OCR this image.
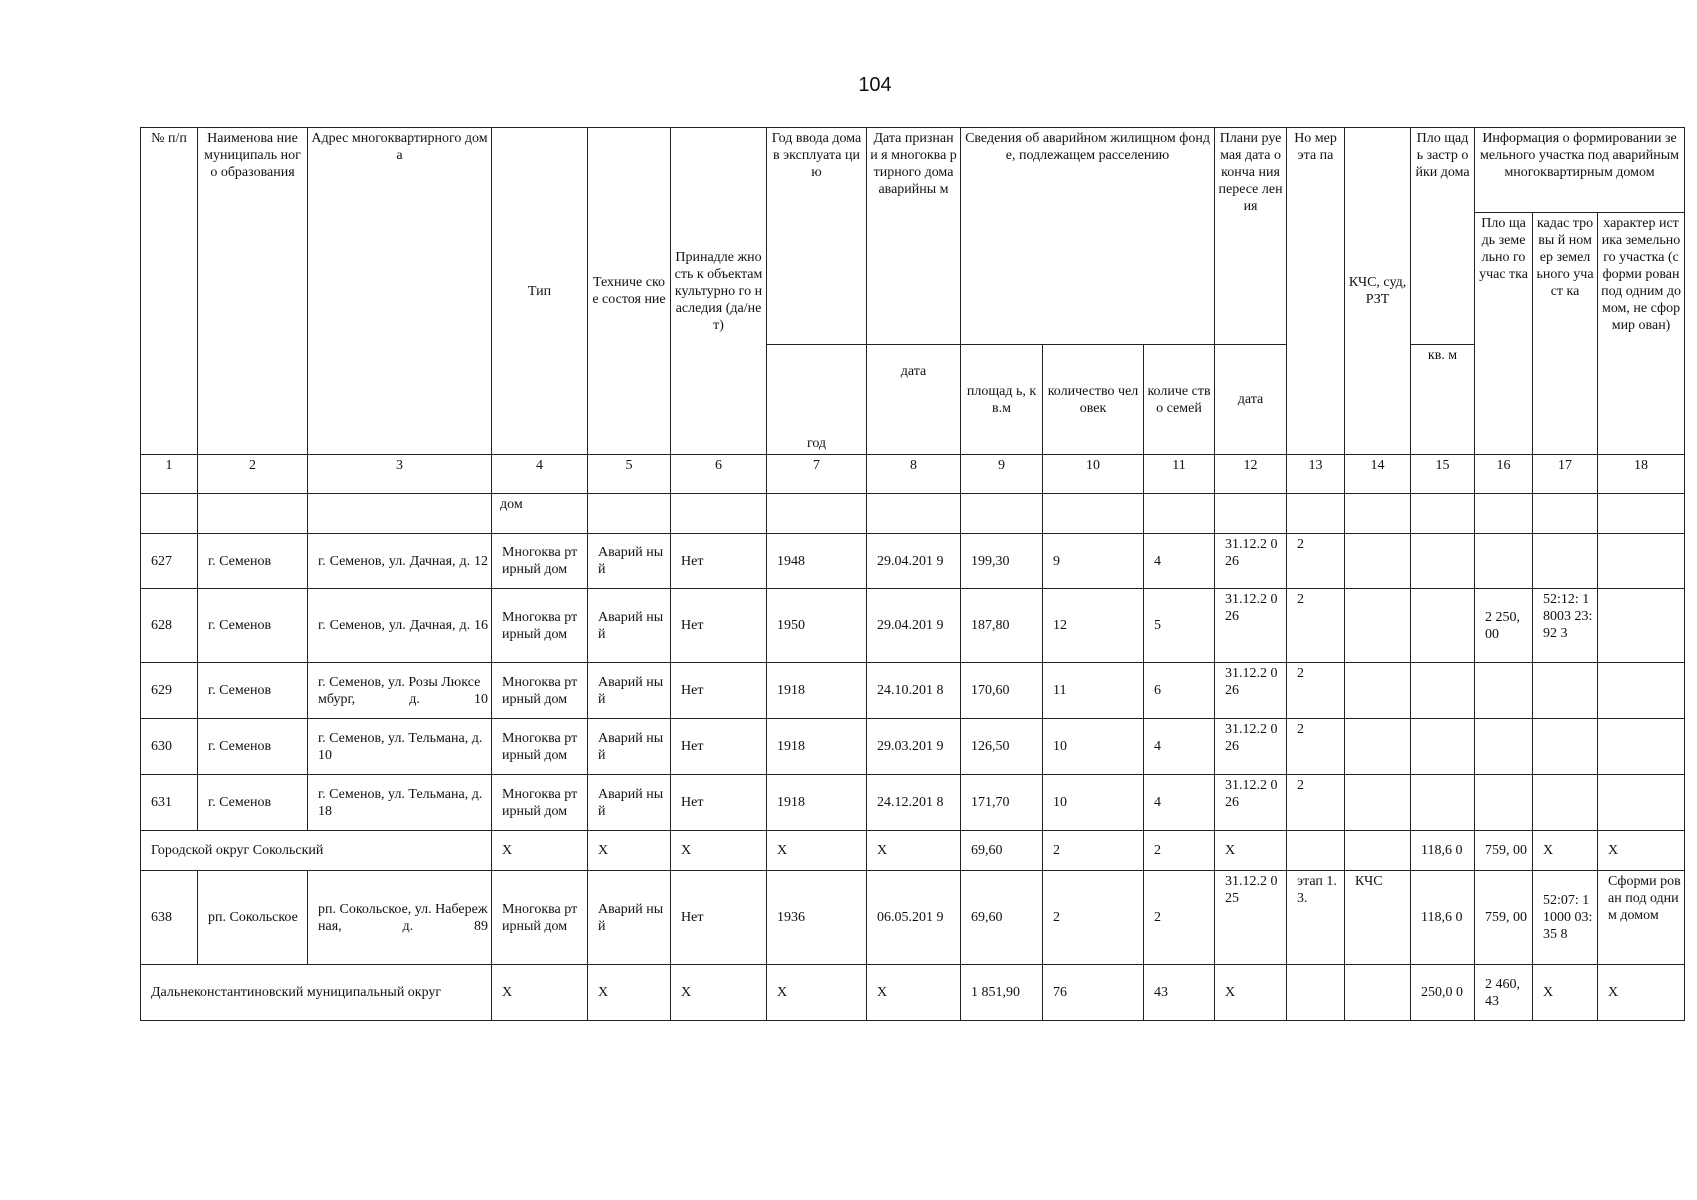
104
№ п/п	Наименова ние муниципаль ного образования	Адрес многоквартирного дома	Тип	Техниче ское состоя ние	Принадле жность к объектам культурно го наследия (да/нет)	Год ввода дома в эксплуата цию	Дата признани я многоква ртирного дома аварийны м	Сведения об аварийном жилищном фонде, подлежащем расселению			Плани руемая дата оконча ния пересе ления	Но мер эта па	КЧС, суд, РЗТ	Пло щадь застр ойки дома	Информация о формировании земельного участка под аварийным многоквартирным домом		
															Пло щадь земе льно го учас тка	кадас тровы й номер земел ьного участ ка	характер истика земельно го участка (сформи рован под одним домом, не сформир ован)
						год	дата	площад ь, кв.м	количество человек	количе ство семей	дата			кв. м			
1	2	3	4	5	6	7	8	9	10	11	12	13	14	15	16	17	18
			дом														
627	г. Семенов	г. Семенов, ул. Дачная, д. 12	Многоква ртирный дом	Аварий ный	Нет	1948	29.04.201 9	199,30	9	4	31.12.2 026	2					
628	г. Семенов	г. Семенов, ул. Дачная, д. 16	Многоква ртирный дом	Аварий ный	Нет	1950	29.04.201 9	187,80	12	5	31.12.2 026	2			2 250, 00	52:12: 18003 23:92 3	
629	г. Семенов	г. Семенов, ул. Розы Люксембург, д. 10	Многоква ртирный дом	Аварий ный	Нет	1918	24.10.201 8	170,60	11	6	31.12.2 026	2					
630	г. Семенов	г. Семенов, ул. Тельмана, д. 10	Многоква ртирный дом	Аварий ный	Нет	1918	29.03.201 9	126,50	10	4	31.12.2 026	2					
631	г. Семенов	г. Семенов, ул. Тельмана, д. 18	Многоква ртирный дом	Аварий ный	Нет	1918	24.12.201 8	171,70	10	4	31.12.2 026	2					
Городской округ Сокольский			Х	Х	Х	Х	Х	69,60	2	2	Х			118,6 0	759, 00	Х	Х
638	рп. Сокольское	рп. Сокольское, ул. Набережная, д. 89	Многоква ртирный дом	Аварий ный	Нет	1936	06.05.201 9	69,60	2	2	31.12.2 025	этап 1.3.	КЧС	118,6 0	759, 00	52:07: 11000 03:35 8	Сформи рован под одним домом
Дальнеконстантиновский муниципальный округ			Х	Х	Х	Х	Х	1 851,90	76	43	Х			250,0 0	2 460, 43	Х	Х
